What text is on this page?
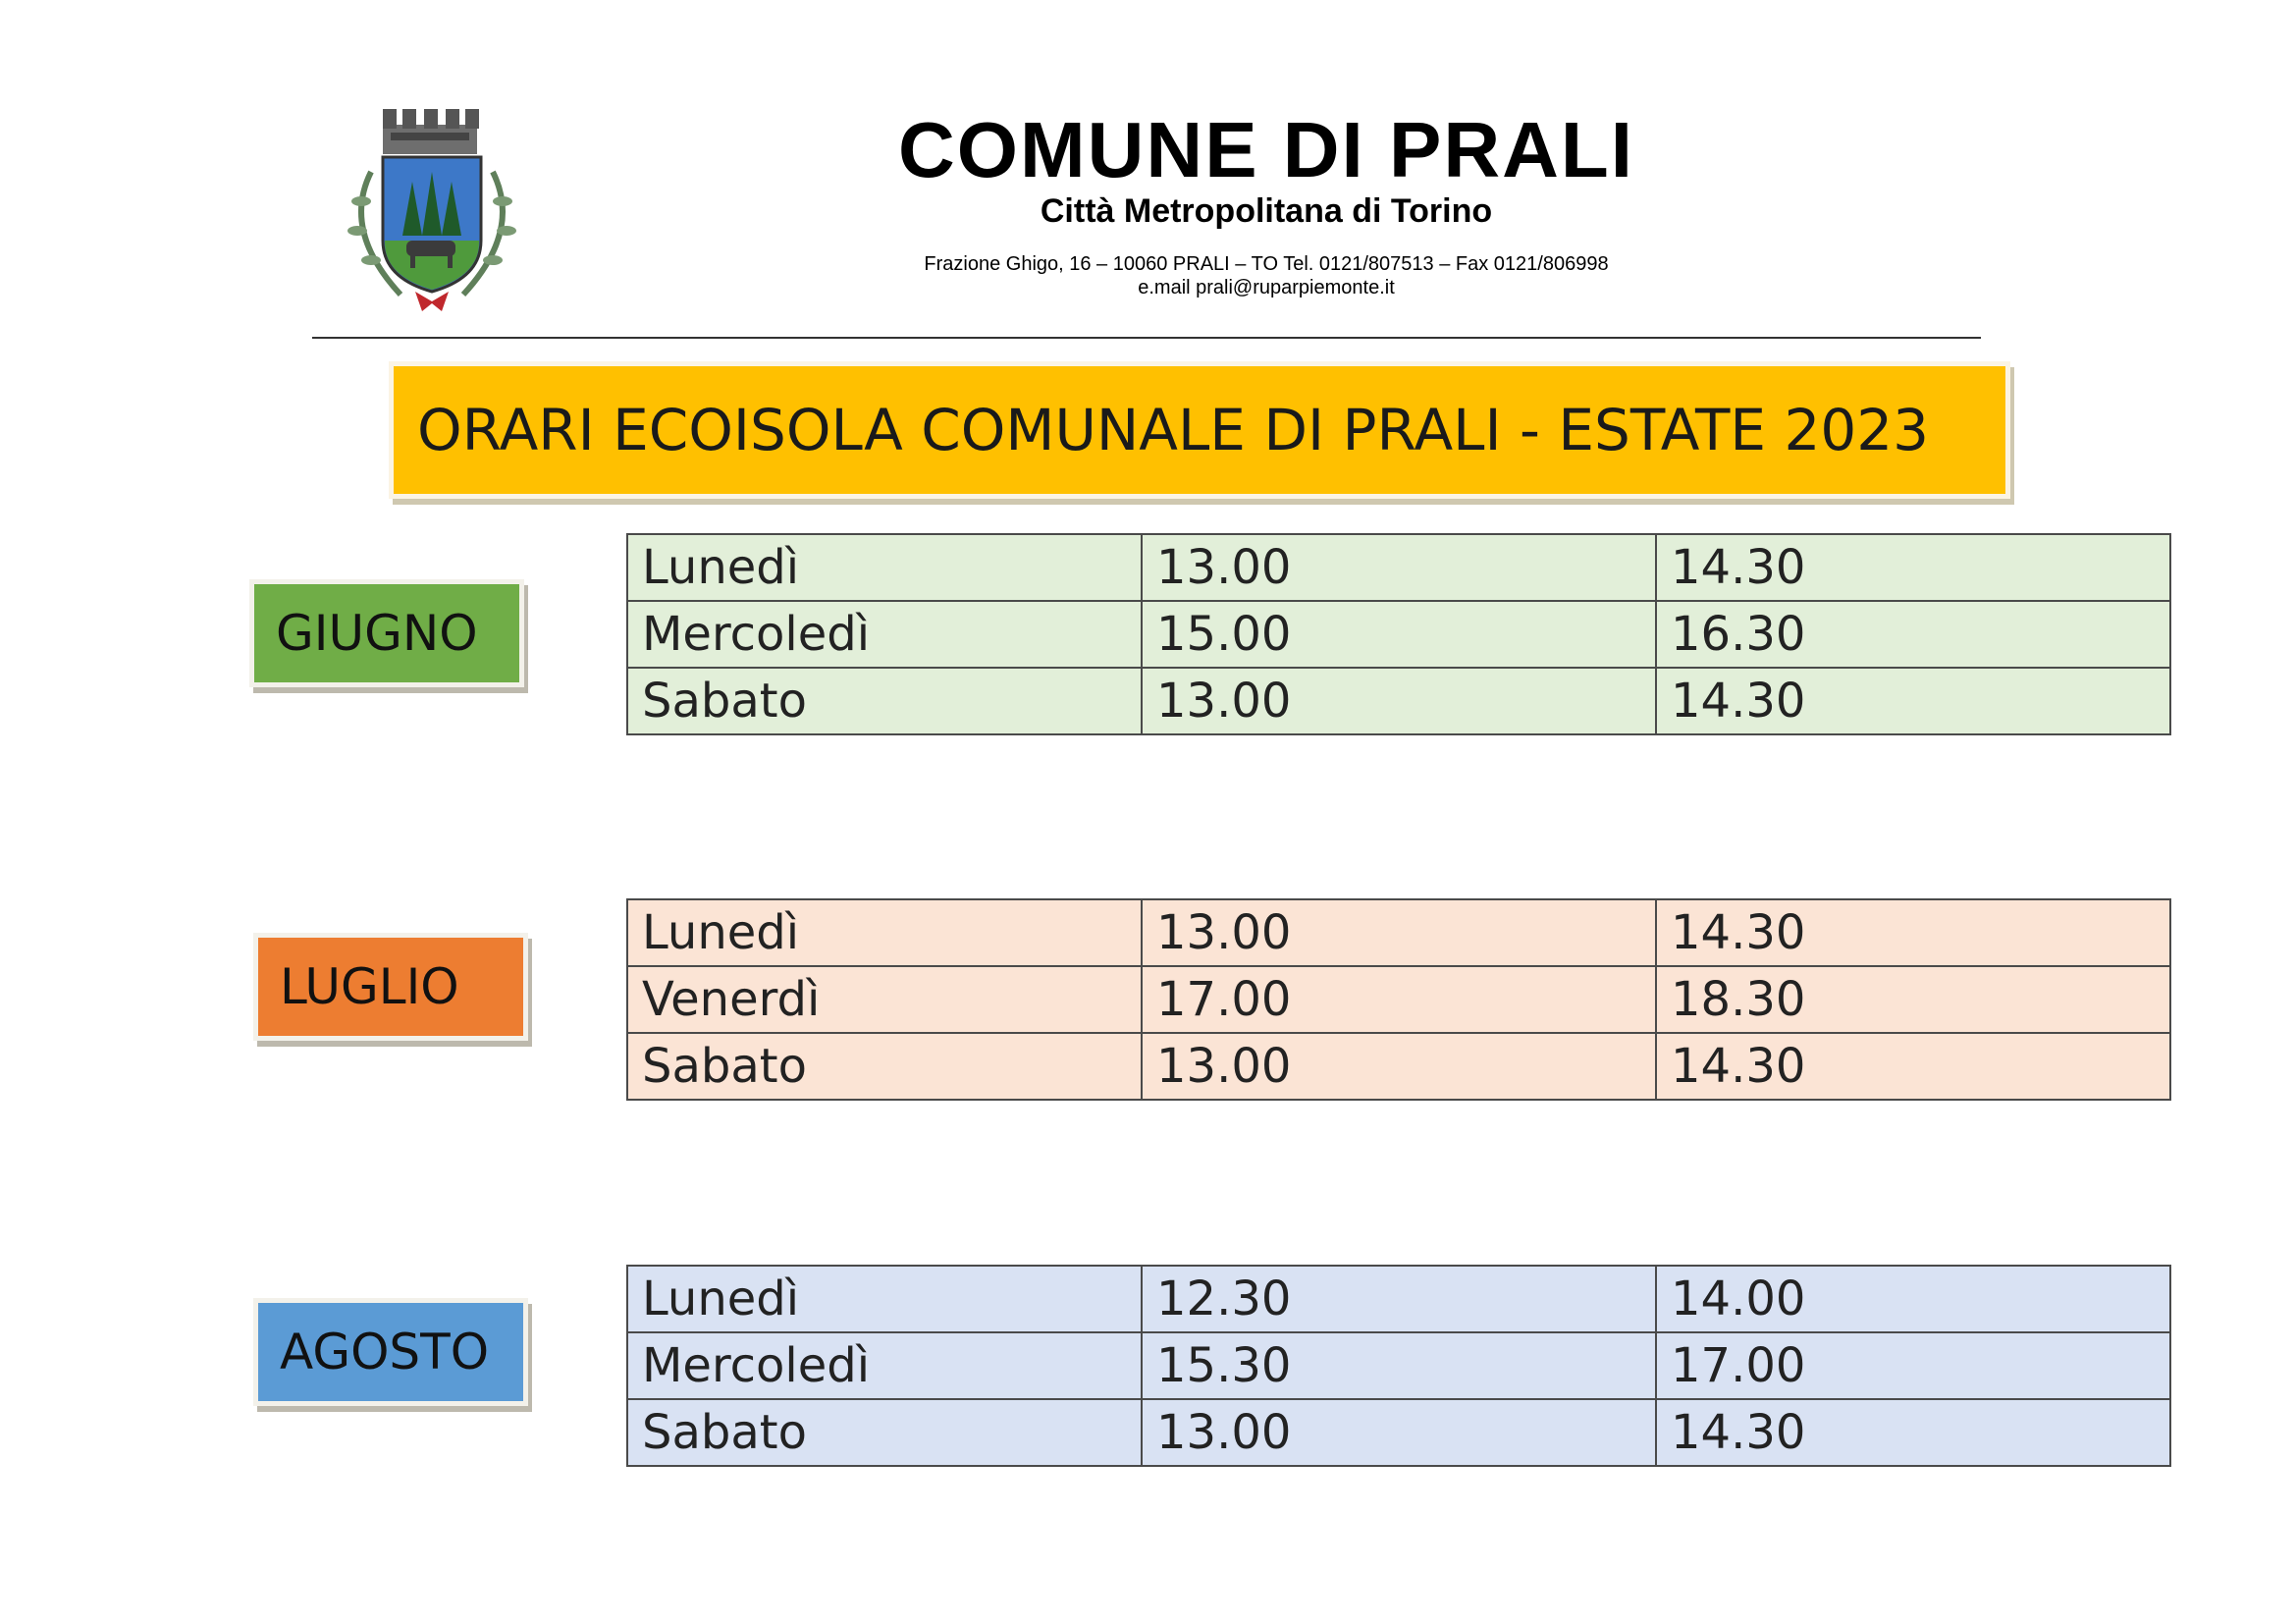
COMUNE DI PRALI
Città Metropolitana di Torino
Frazione Ghigo, 16 – 10060 PRALI – TO Tel. 0121/807513 – Fax 0121/806998
e.mail prali@ruparpiemonte.it
ORARI ECOISOLA COMUNALE DI PRALI - ESTATE 2023
GIUGNO
Lunedì	13.00	14.30
Mercoledì	15.00	16.30
Sabato	13.00	14.30
LUGLIO
Lunedì	13.00	14.30
Venerdì	17.00	18.30
Sabato	13.00	14.30
AGOSTO
Lunedì	12.30	14.00
Mercoledì	15.30	17.00
Sabato	13.00	14.30
